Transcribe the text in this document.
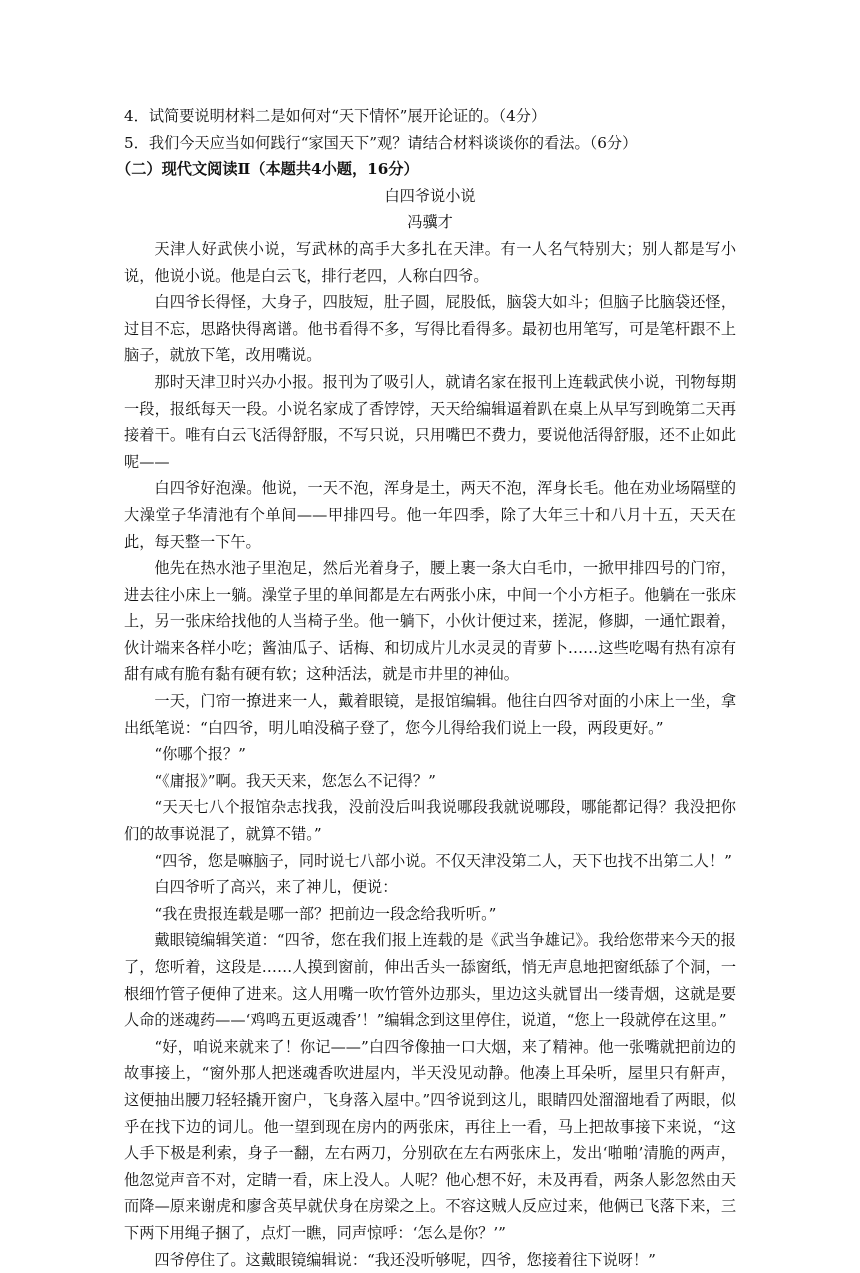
4．试简要说明材料二是如何对“天下情怀”展开论证的。（4分）

5．我们今天应当如何践行“家国天下”观？请结合材料谈谈你的看法。（6分）

（二）现代文阅读Ⅱ（本题共4小题，16分）

白四爷说小说

冯骥才

天津人好武侠小说，写武林的高手大多扎在天津。有一人名气特别大；别人都是写小说，他说小说。他是白云飞，排行老四，人称白四爷。

白四爷长得怪，大身子，四肢短，肚子圆，屁股低，脑袋大如斗；但脑子比脑袋还怪，过目不忘，思路快得离谱。他书看得不多，写得比看得多。最初也用笔写，可是笔杆跟不上脑子，就放下笔，改用嘴说。

那时天津卫时兴办小报。报刊为了吸引人，就请名家在报刊上连载武侠小说，刊物每期一段，报纸每天一段。小说名家成了香饽饽，天天给编辑逼着趴在桌上从早写到晚第二天再接着干。唯有白云飞活得舒服，不写只说，只用嘴巴不费力，要说他活得舒服，还不止如此呢——

白四爷好泡澡。他说，一天不泡，浑身是土，两天不泡，浑身长毛。他在劝业场隔壁的大澡堂子华清池有个单间——甲排四号。他一年四季，除了大年三十和八月十五，天天在此，每天整一下午。

他先在热水池子里泡足，然后光着身子，腰上裹一条大白毛巾，一掀甲排四号的门帘，进去往小床上一躺。澡堂子里的单间都是左右两张小床，中间一个小方柜子。他躺在一张床上，另一张床给找他的人当椅子坐。他一躺下，小伙计便过来，搓泥，修脚，一通忙跟着，伙计端来各样小吃；酱油瓜子、话梅、和切成片儿水灵灵的青萝卜……这些吃喝有热有凉有甜有咸有脆有黏有硬有软；这种活法，就是市井里的神仙。

一天，门帘一撩进来一人，戴着眼镜，是报馆编辑。他往白四爷对面的小床上一坐，拿出纸笔说：“白四爷，明儿咱没稿子登了，您今儿得给我们说上一段，两段更好。”

“你哪个报？”

“《庸报》”啊。我天天来，您怎么不记得？”

“天天七八个报馆杂志找我，没前没后叫我说哪段我就说哪段，哪能都记得？我没把你们的故事说混了，就算不错。”

“四爷，您是嘛脑子，同时说七八部小说。不仅天津没第二人，天下也找不出第二人！”

白四爷听了高兴，来了神儿，便说：

“我在贵报连载是哪一部？把前边一段念给我听听。”

戴眼镜编辑笑道：“四爷，您在我们报上连载的是《武当争雄记》。我给您带来今天的报了，您听着，这段是……人摸到窗前，伸出舌头一舔窗纸，悄无声息地把窗纸舔了个洞，一根细竹管子便伸了进来。这人用嘴一吹竹管外边那头，里边这头就冒出一缕青烟，这就是要人命的迷魂药——‘鸡鸣五更返魂香’！”编辑念到这里停住，说道，“您上一段就停在这里。”

“好，咱说来就来了！你记——”白四爷像抽一口大烟，来了精神。他一张嘴就把前边的故事接上，“窗外那人把迷魂香吹进屋内，半天没见动静。他凑上耳朵听，屋里只有鼾声，这便抽出腰刀轻轻撬开窗户，飞身落入屋中。”四爷说到这儿，眼睛四处溜溜地看了两眼，似乎在找下边的词儿。他一望到现在房内的两张床，再往上一看，马上把故事接下来说，“这人手下极是利索，身子一翻，左右两刀，分别砍在左右两张床上，发出‘啪啪’清脆的两声，他忽觉声音不对，定睛一看，床上没人。人呢？他心想不好，未及再看，两条人影忽然由天而降—原来谢虎和廖含英早就伏身在房梁之上。不容这贼人反应过来，他俩已飞落下来，三下两下用绳子捆了，点灯一瞧，同声惊呼：‘怎么是你？’”

四爷停住了。这戴眼镜编辑说：“我还没听够呢，四爷，您接着往下说呀！”
